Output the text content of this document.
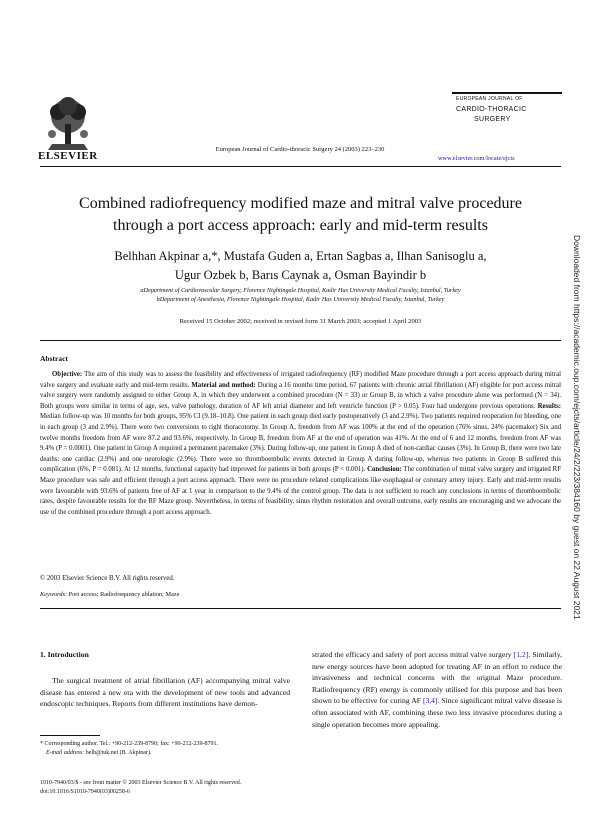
ELSEVIER
European Journal of Cardio-thoracic Surgery 24 (2003) 223–230
EUROPEAN JOURNAL OF
CARDIO-THORACIC
SURGERY
www.elsevier.com/locate/ejcts
Combined radiofrequency modified maze and mitral valve procedure
through a port access approach: early and mid-term results
Belhhan Akpinar a,*, Mustafa Guden a, Ertan Sagbas a, Ilhan Sanisoglu a,
Ugur Ozbek b, Barıs Caynak a, Osman Bayindir b
aDepartment of Cardiovascular Surgery, Florence Nightingale Hospital, Kadir Has University Medical Faculty, Istanbul, Turkey
bDepartment of Anesthesia, Florence Nightingale Hospital, Kadir Has University Medical Faculty, Istanbul, Turkey
Received 15 October 2002; received in revised form 31 March 2003; accepted 1 April 2003
Abstract
Objective: The aim of this study was to assess the feasibility and effectiveness of irrigated radiofrequency (RF) modified Maze procedure through a port access approach during mitral valve surgery and evaluate early and mid-term results. Material and method: During a 16 months time period, 67 patients with chronic atrial fibrillation (AF) eligible for port access mitral valve surgery were randomly assigned to either Group A, in which they underwent a combined procedure (N = 33) or Group B, in which a valve procedure alone was performed (N = 34). Both groups were similar in terms of age, sex, valve pathology, duration of AF left atrial diameter and left ventricle function (P > 0.05). Four had undergone previous operations. Results: Median follow-up was 10 months for both groups, 95% CI (9.18–10.8). One patient in each group died early postoperatively (3 and 2.9%). Two patients required reoperation for bleeding, one in each group (3 and 2.9%). There were two conversions to right thoracotomy. In Group A, freedom from AF was 100% at the end of the operation (76% sinus, 24% pacemaker) Six and twelve months freedom from AF were 87.2 and 93.6%, respectively. In Group B, freedom from AF at the end of operation was 41%. At the end of 6 and 12 months, freedom from AF was 9.4% (P = 0.0001). One patient in Group A required a permanent pacemaker (3%). During follow-up, one patient in Group A died of non-cardiac causes (3%). In Group B, there were two late deaths: one cardiac (2.9%) and one neurologic (2.9%). There were no thromboembolic events detected in Group A during follow-up, whereas two patients in Group B suffered this complication (6%, P = 0.081). At 12 months, functional capacity had improved for patients in both groups (P < 0.001). Conclusion: The combination of mitral valve surgery and irrigated RF Maze procedure was safe and efficient through a port access approach. There were no procedure related complications like esophageal or coronary artery injury. Early and mid-term results were favourable with 93.6% of patients free of AF at 1 year in comparison to the 9.4% of the control group. The data is not sufficient to reach any conclusions in terms of thromboembolic rates, despite favourable results for the RF Maze group. Nevertheless, in terms of feasibility, sinus rhythm restoration and overall outcome, early results are encouraging and we advocate the use of the combined procedure through a port access approach.
© 2003 Elsevier Science B.V. All rights reserved.
Keywords: Port access; Radiofrequency ablation; Maze
1. Introduction
The surgical treatment of atrial fibrillation (AF) accompanying mitral valve disease has entered a new era with the development of new tools and advanced endoscopic techniques. Reports from different institutions have demon-
strated the efficacy and safety of port access mitral valve surgery [1,2]. Similarly, new energy sources have been adopted for treating AF in an effort to reduce the invasiveness and technical concerns with the original Maze procedure. Radiofrequency (RF) energy is commonly utilised for this purpose and has been shown to be effective for curing AF [3,4]. Since significant mitral valve disease is often associated with AF, combining these two less invasive procedures during a single operation becomes more appealing.
* Corresponding author. Tel.: +90-212-239-8790; fax: +90-212-239-8791.
E-mail address: belh@tuk.net (B. Akpinar).
1010-7940/03/$ - see front matter © 2003 Elsevier Science B.V. All rights reserved.
doi:10.1016/S1010-7940(03)00258-6
Downloaded from https://academic.oup.com/ejcts/article/24/2/223/384160 by guest on 22 August 2021
